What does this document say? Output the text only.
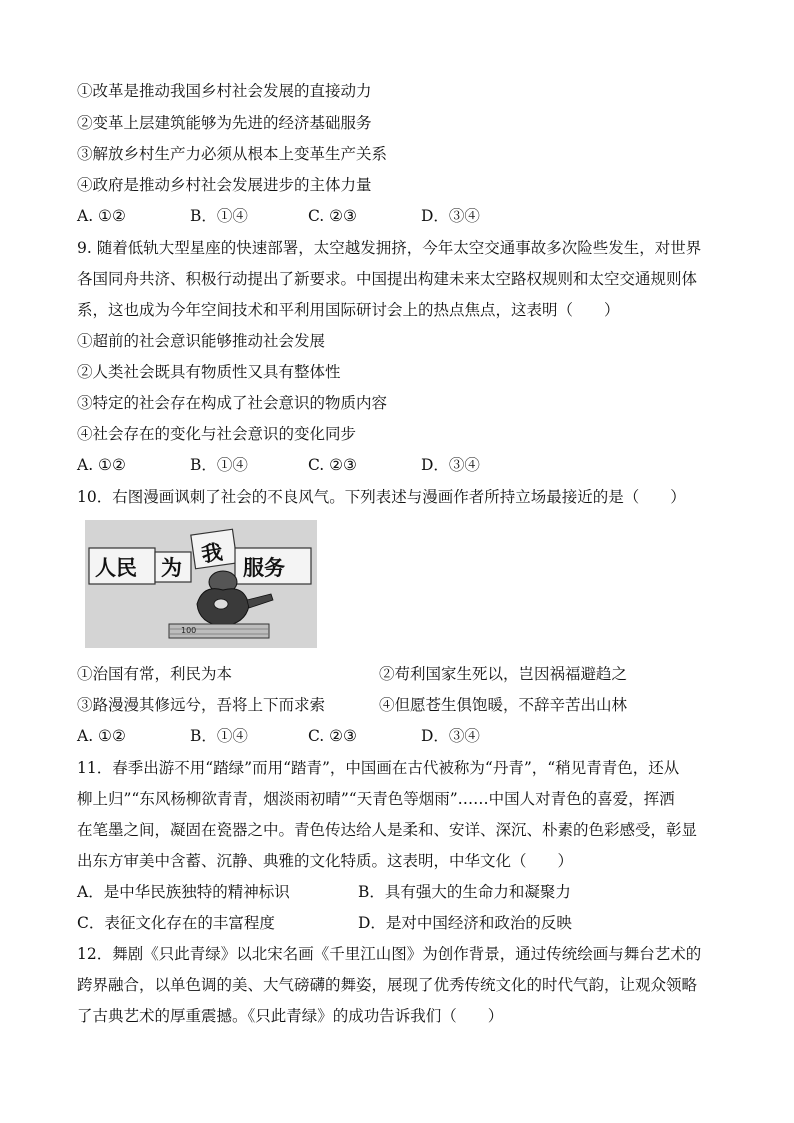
①改革是推动我国乡村社会发展的直接动力
②变革上层建筑能够为先进的经济基础服务
③解放乡村生产力必须从根本上变革生产关系
④政府是推动乡村社会发展进步的主体力量
A. ①②	B．①④	C. ②③	D．③④
9. 随着低轨大型星座的快速部署，太空越发拥挤，今年太空交通事故多次险些发生，对世界
各国同舟共济、积极行动提出了新要求。中国提出构建未来太空路权规则和太空交通规则体
系，这也成为今年空间技术和平利用国际研讨会上的热点焦点，这表明（　　）
①超前的社会意识能够推动社会发展
②人类社会既具有物质性又具有整体性
③特定的社会存在构成了社会意识的物质内容
④社会存在的变化与社会意识的变化同步
A. ①②	B．①④	C. ②③	D．③④
10．右图漫画讽刺了社会的不良风气。下列表述与漫画作者所持立场最接近的是（　　）
人民 为
我
服务
100
①治国有常，利民为本	②苟利国家生死以，岂因祸福避趋之
③路漫漫其修远兮，吾将上下而求索	④但愿苍生俱饱暖，不辞辛苦出山林
A. ①②	B．①④	C. ②③	D．③④
11．春季出游不用“踏绿”而用“踏青”，中国画在古代被称为“丹青”，“稍见青青色，还从
柳上归”“东风杨柳欲青青，烟淡雨初晴”“天青色等烟雨”……中国人对青色的喜爱，挥洒
在笔墨之间，凝固在瓷器之中。青色传达给人是柔和、安详、深沉、朴素的色彩感受，彰显
出东方审美中含蓄、沉静、典雅的文化特质。这表明，中华文化（　　）
A．是中华民族独特的精神标识	B．具有强大的生命力和凝聚力
C．表征文化存在的丰富程度	D．是对中国经济和政治的反映
12．舞剧《只此青绿》以北宋名画《千里江山图》为创作背景，通过传统绘画与舞台艺术的
跨界融合，以单色调的美、大气磅礴的舞姿，展现了优秀传统文化的时代气韵，让观众领略
了古典艺术的厚重震撼。《只此青绿》的成功告诉我们（　　）
